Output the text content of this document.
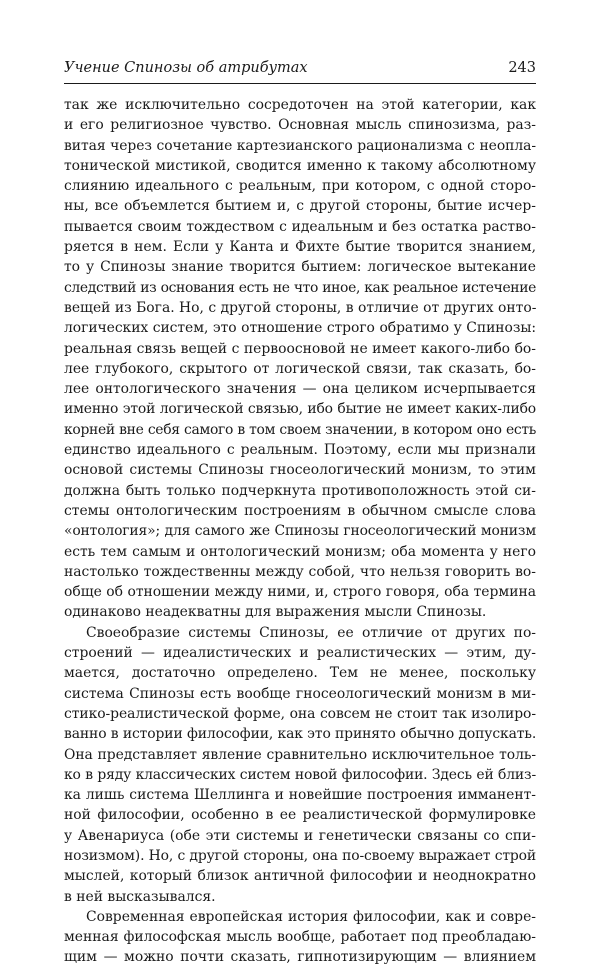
Учение Спинозы об атрибутах	243
так же исключительно сосредоточен на этой категории, как
и его религиозное чувство. Основная мысль спинозизма, раз-
витая через сочетание картезианского рационализма с неопла-
тонической мистикой, сводится именно к такому абсолютному
слиянию идеального с реальным, при котором, с одной сторо-
ны, все объемлется бытием и, с другой стороны, бытие исчер-
пывается своим тождеством с идеальным и без остатка раство-
ряется в нем. Если у Канта и Фихте бытие творится знанием,
то у Спинозы знание творится бытием: логическое вытекание
следствий из основания есть не что иное, как реальное истечение
вещей из Бога. Но, с другой стороны, в отличие от других онто-
логических систем, это отношение строго обратимо у Спинозы:
реальная связь вещей с первоосновой не имеет какого-либо бо-
лее глубокого, скрытого от логической связи, так сказать, бо-
лее онтологического значения — она целиком исчерпывается
именно этой логической связью, ибо бытие не имеет каких-либо
корней вне себя самого в том своем значении, в котором оно есть
единство идеального с реальным. Поэтому, если мы признали
основой системы Спинозы гносеологический монизм, то этим
должна быть только подчеркнута противоположность этой си-
стемы онтологическим построениям в обычном смысле слова
«онтология»; для самого же Спинозы гносеологический монизм
есть тем самым и онтологический монизм; оба момента у него
настолько тождественны между собой, что нельзя говорить во-
обще об отношении между ними, и, строго говоря, оба термина
одинаково неадекватны для выражения мысли Спинозы.
Своеобразие системы Спинозы, ее отличие от других по-
строений — идеалистических и реалистических — этим, ду-
мается, достаточно определено. Тем не менее, поскольку
система Спинозы есть вообще гносеологический монизм в ми-
стико-реалистической форме, она совсем не стоит так изолиро-
ванно в истории философии, как это принято обычно допускать.
Она представляет явление сравнительно исключительное толь-
ко в ряду классических систем новой философии. Здесь ей близ-
ка лишь система Шеллинга и новейшие построения имманент-
ной философии, особенно в ее реалистической формулировке
у Авенариуса (обе эти системы и генетически связаны со спи-
нозизмом). Но, с другой стороны, она по-своему выражает строй
мыслей, который близок античной философии и неоднократно
в ней высказывался.
Современная европейская история философии, как и совре-
менная философская мысль вообще, работает под преобладаю-
щим — можно почти сказать, гипнотизирующим — влиянием
